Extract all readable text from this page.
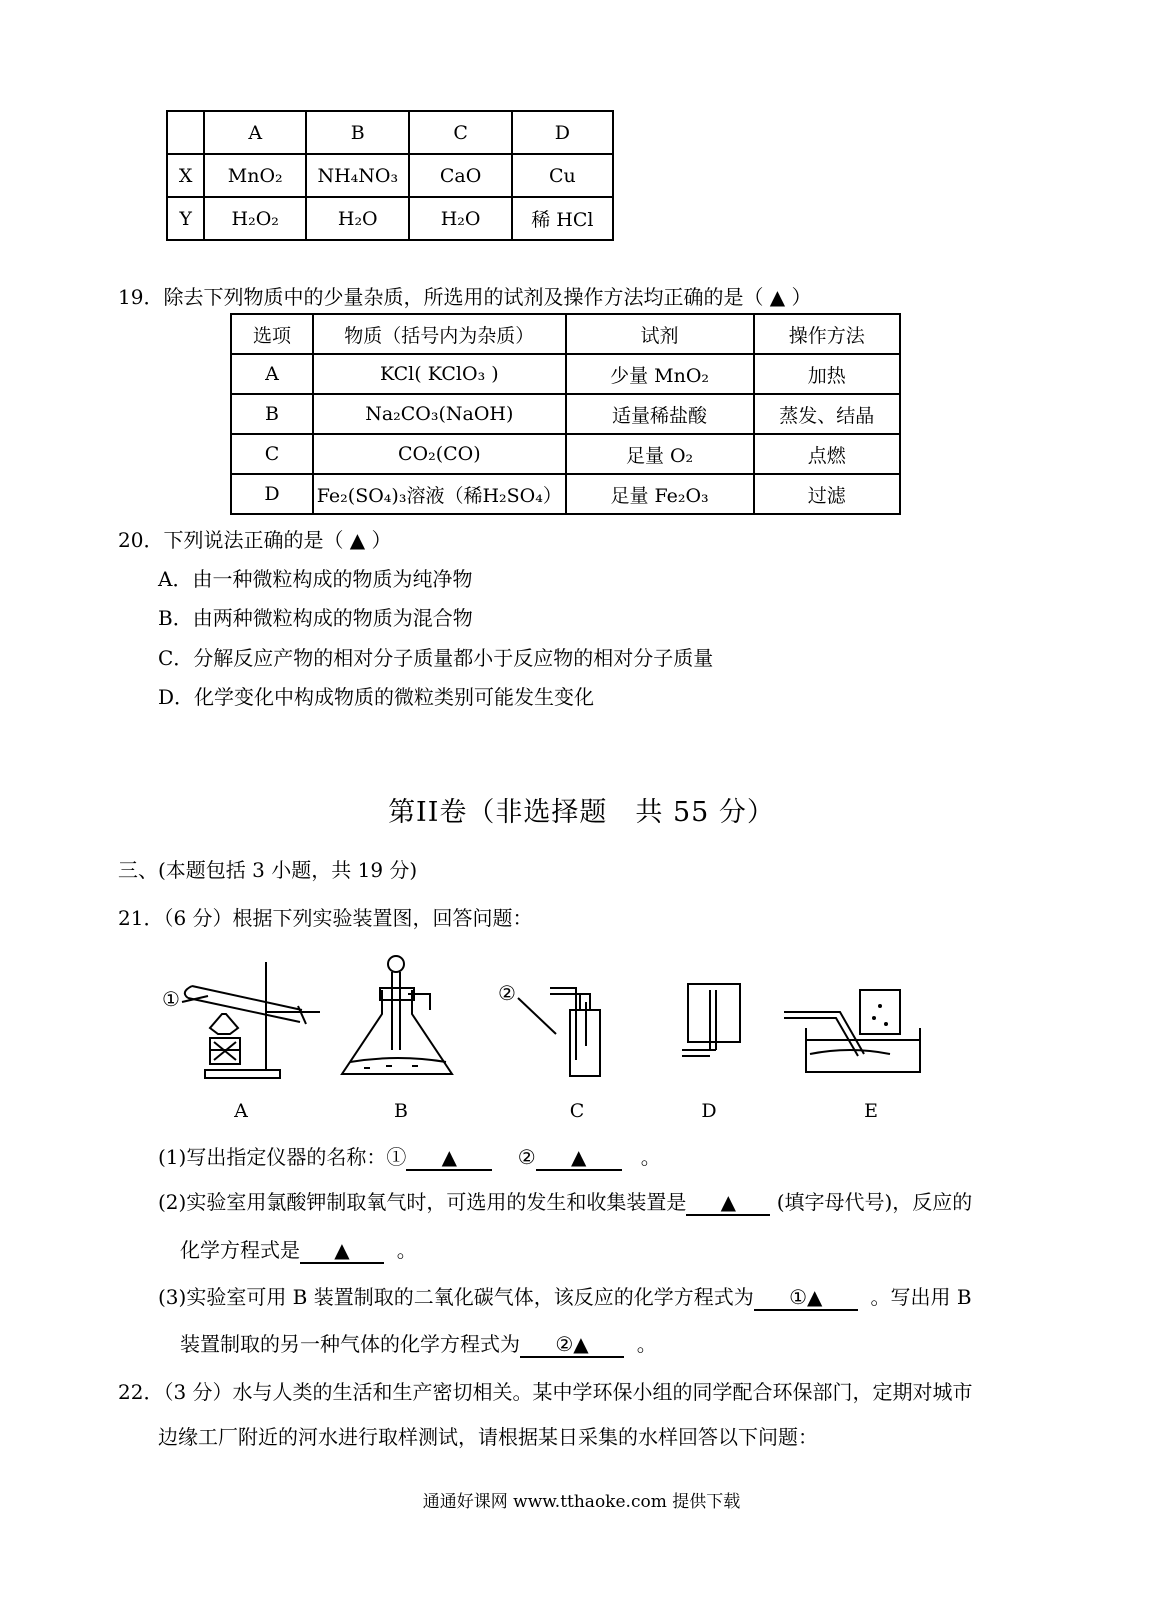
	A	B	C	D
X	MnO₂	NH₄NO₃	CaO	Cu
Y	H₂O₂	H₂O	H₂O	稀 HCl
19．除去下列物质中的少量杂质，所选用的试剂及操作方法均正确的是（ ▲ ）
选项	物质（括号内为杂质）	试剂	操作方法
A	KCl( KClO₃ )	少量 MnO₂	加热
B	Na₂CO₃(NaOH)	适量稀盐酸	蒸发、结晶
C	CO₂(CO)	足量 O₂	点燃
D	Fe₂(SO₄)₃溶液（稀H₂SO₄）	足量 Fe₂O₃	过滤
20．下列说法正确的是（ ▲ ）
A．由一种微粒构成的物质为纯净物
B．由两种微粒构成的物质为混合物
C．分解反应产物的相对分子质量都小于反应物的相对分子质量
D．化学变化中构成物质的微粒类别可能发生变化
第II卷（非选择题　共 55 分）
三、(本题包括 3 小题，共 19 分)
21．（6 分）根据下列实验装置图，回答问题：
①	②
A	B	C	D	E
(1)写出指定仪器的名称：① ▲	② ▲	。
(2)实验室用氯酸钾制取氧气时，可选用的发生和收集装置是 ▲ (填字母代号)，反应的
化学方程式是 ▲ 。
(3)实验室可用 B 装置制取的二氧化碳气体，该反应的化学方程式为 ①▲ 。写出用 B
装置制取的另一种气体的化学方程式为 ②▲ 。
22．（3 分）水与人类的生活和生产密切相关。某中学环保小组的同学配合环保部门，定期对城市
边缘工厂附近的河水进行取样测试，请根据某日采集的水样回答以下问题：
通通好课网 www.tthaoke.com 提供下载
